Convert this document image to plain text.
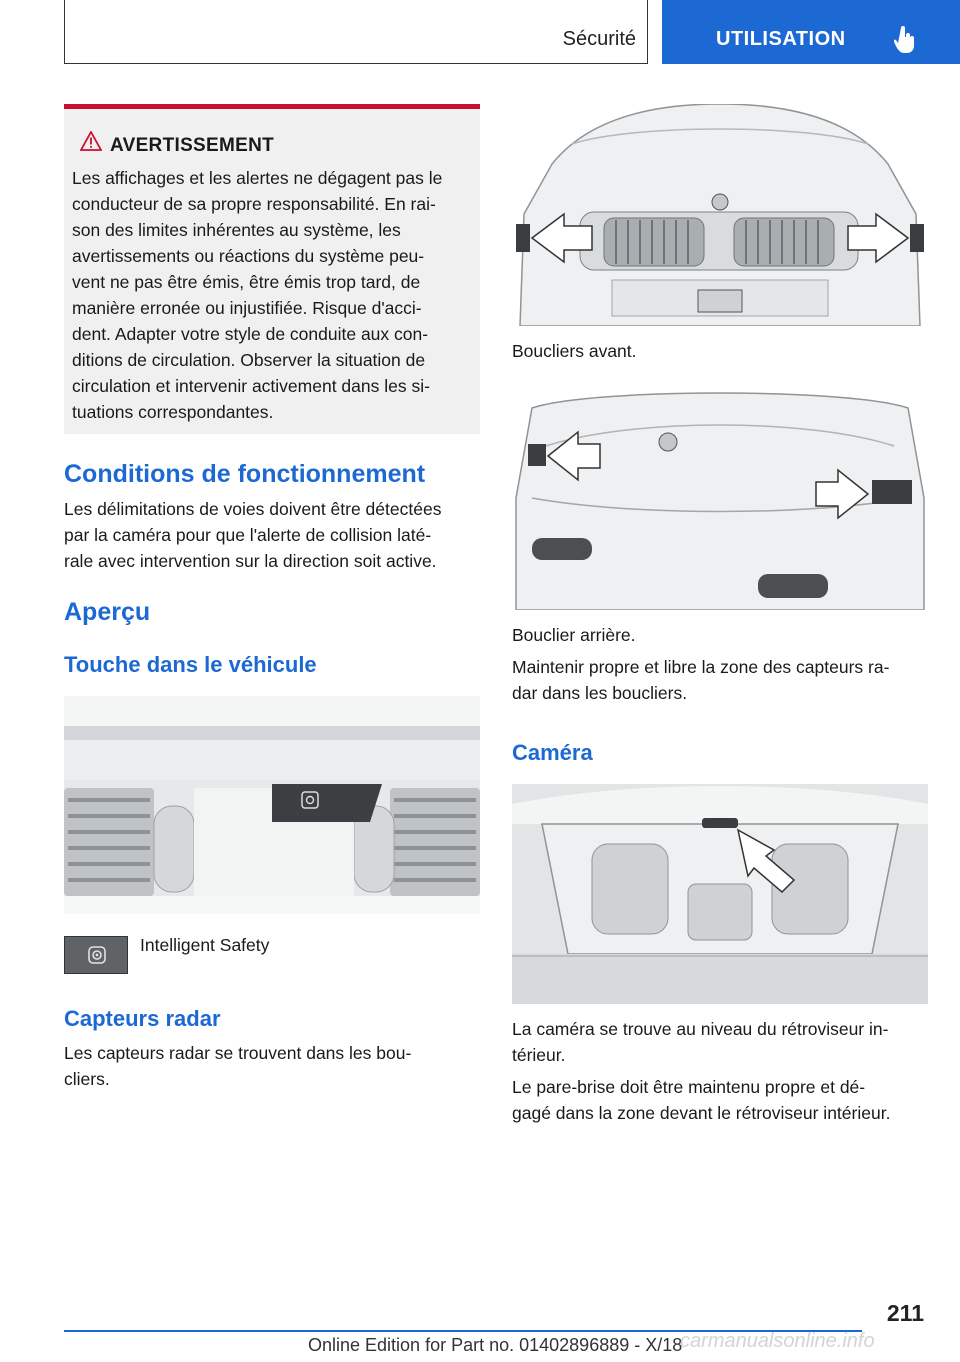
Sécurité	UTILISATION
AVERTISSEMENT
Les affichages et les alertes ne dégagent pas le
conducteur de sa propre responsabilité. En rai-
son des limites inhérentes au système, les
avertissements ou réactions du système peu-
vent ne pas être émis, être émis trop tard, de
manière erronée ou injustifiée. Risque d'acci-
dent. Adapter votre style de conduite aux con-
ditions de circulation. Observer la situation de
circulation et intervenir activement dans les si-
tuations correspondantes.
Conditions de fonctionnement
Les délimitations de voies doivent être détectées
par la caméra pour que l'alerte de collision laté-
rale avec intervention sur la direction soit active.
Aperçu
Touche dans le véhicule
Intelligent Safety
Capteurs radar
Les capteurs radar se trouvent dans les bou-
cliers.
Boucliers avant.
Bouclier arrière.
Maintenir propre et libre la zone des capteurs ra-
dar dans les boucliers.
Caméra
La caméra se trouve au niveau du rétroviseur in-
térieur.
Le pare-brise doit être maintenu propre et dé-
gagé dans la zone devant le rétroviseur intérieur.
211
Online Edition for Part no. 01402896889 - X/18
carmanualsonline.info
